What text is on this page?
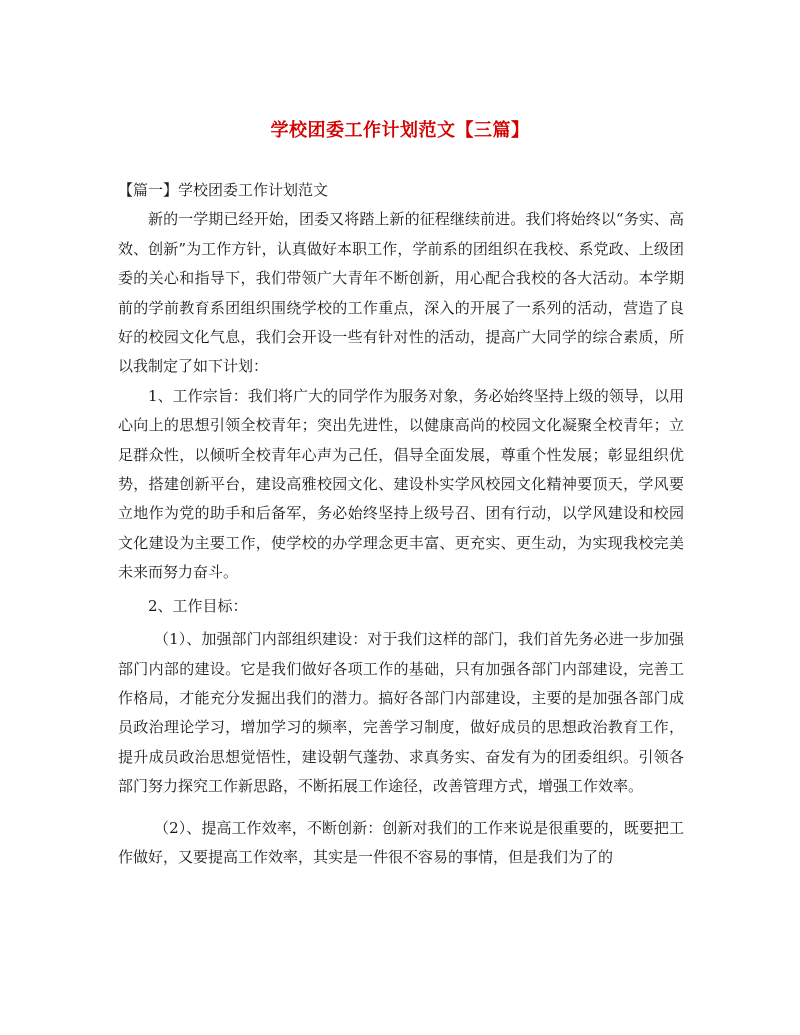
学校团委工作计划范文【三篇】

【篇一】学校团委工作计划范文

新的一学期已经开始，团委又将踏上新的征程继续前进。我们将始终以“务实、高效、创新”为工作方针，认真做好本职工作，学前系的团组织在我校、系党政、上级团委的关心和指导下，我们带领广大青年不断创新，用心配合我校的各大活动。本学期前的学前教育系团组织围绕学校的工作重点，深入的开展了一系列的活动，营造了良好的校园文化气息，我们会开设一些有针对性的活动，提高广大同学的综合素质，所以我制定了如下计划：

1、工作宗旨：我们将广大的同学作为服务对象，务必始终坚持上级的领导，以用心向上的思想引领全校青年；突出先进性，以健康高尚的校园文化凝聚全校青年；立足群众性，以倾听全校青年心声为己任，倡导全面发展，尊重个性发展；彰显组织优势，搭建创新平台，建设高雅校园文化、建设朴实学风校园文化精神要顶天，学风要立地作为党的助手和后备军，务必始终坚持上级号召、团有行动，以学风建设和校园文化建设为主要工作，使学校的办学理念更丰富、更充实、更生动，为实现我校完美未来而努力奋斗。

2、工作目标：

（1）、加强部门内部组织建设：对于我们这样的部门，我们首先务必进一步加强部门内部的建设。它是我们做好各项工作的基础，只有加强各部门内部建设，完善工作格局，才能充分发掘出我们的潜力。搞好各部门内部建设，主要的是加强各部门成员政治理论学习，增加学习的频率，完善学习制度，做好成员的思想政治教育工作，提升成员政治思想觉悟性，建设朝气蓬勃、求真务实、奋发有为的团委组织。引领各部门努力探究工作新思路，不断拓展工作途径，改善管理方式，增强工作效率。

（2）、提高工作效率，不断创新：创新对我们的工作来说是很重要的，既要把工作做好，又要提高工作效率，其实是一件很不容易的事情，但是我们为了的
